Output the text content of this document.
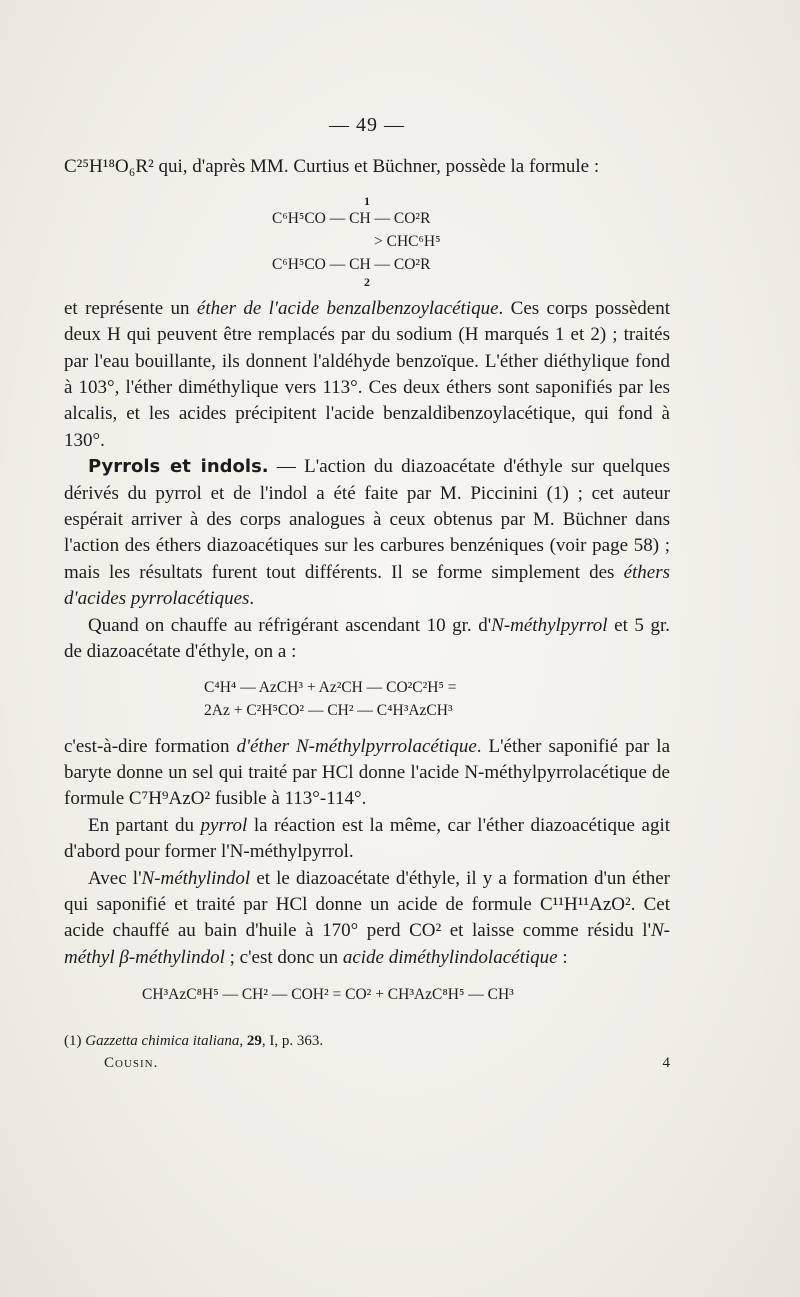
— 49 —

C²⁵H¹⁸O₆R² qui, d'après MM. Curtius et Büchner, possède la formule :

1
C⁶H⁵CO — CH — CO²R
> CHC⁶H⁵
C⁶H⁵CO — CH — CO²R
2

et représente un éther de l'acide benzalbenzoylacétique. Ces corps possèdent deux H qui peuvent être remplacés par du sodium (H marqués 1 et 2) ; traités par l'eau bouillante, ils donnent l'aldéhyde benzoïque. L'éther diéthylique fond à 103°, l'éther diméthylique vers 113°. Ces deux éthers sont saponifiés par les alcalis, et les acides précipitent l'acide benzaldibenzoylacétique, qui fond à 130°.

Pyrrols et indols. — L'action du diazoacétate d'éthyle sur quelques dérivés du pyrrol et de l'indol a été faite par M. Piccinini (1) ; cet auteur espérait arriver à des corps analogues à ceux obtenus par M. Büchner dans l'action des éthers diazoacétiques sur les carbures benzéniques (voir page 58) ; mais les résultats furent tout différents. Il se forme simplement des éthers d'acides pyrrolacétiques.

Quand on chauffe au réfrigérant ascendant 10 gr. d'N-méthylpyrrol et 5 gr. de diazoacétate d'éthyle, on a :

C⁴H⁴ — AzCH³ + Az²CH — CO²C²H⁵ =
2Az + C²H⁵CO² — CH² — C⁴H³AzCH³

c'est-à-dire formation d'éther N-méthylpyrrolacétique. L'éther saponifié par la baryte donne un sel qui traité par HCl donne l'acide N-méthylpyrrolacétique de formule C⁷H⁹AzO² fusible à 113°-114°.

En partant du pyrrol la réaction est la même, car l'éther diazoacétique agit d'abord pour former l'N-méthylpyrrol.

Avec l'N-méthylindol et le diazoacétate d'éthyle, il y a formation d'un éther qui saponifié et traité par HCl donne un acide de formule C¹¹H¹¹AzO². Cet acide chauffé au bain d'huile à 170° perd CO² et laisse comme résidu l'N-méthyl β-méthylindol ; c'est donc un acide diméthylindolacétique :

CH³AzC⁸H⁵ — CH² — COH² = CO² + CH³AzC⁸H⁵ — CH³
(1) Gazzetta chimica italiana, 29, I, p. 363.
Cousin.	4
